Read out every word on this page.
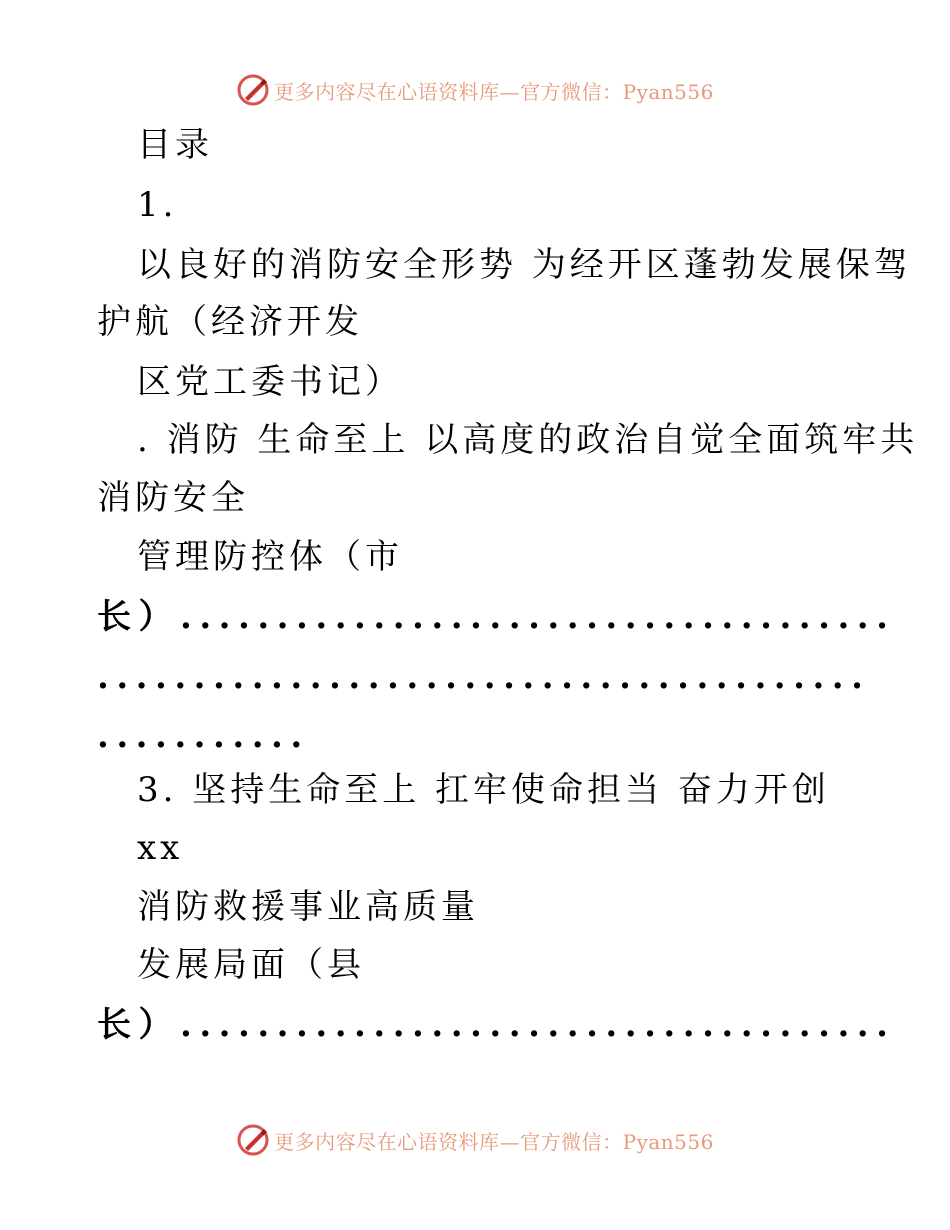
更多内容尽在心语资料库—官方微信：Pyan556
目录
1.
以良好的消防安全形势 为经开区蓬勃发展保驾
护航（经济开发
区党工委书记）
. 消防 生命至上 以高度的政治自觉全面筑牢共
消防安全
管理防控体（市
长）.....................................
........................................
...........
3. 坚持生命至上 扛牢使命担当 奋力开创
xx
消防救援事业高质量
发展局面（县
长）.....................................
更多内容尽在心语资料库—官方微信：Pyan556
